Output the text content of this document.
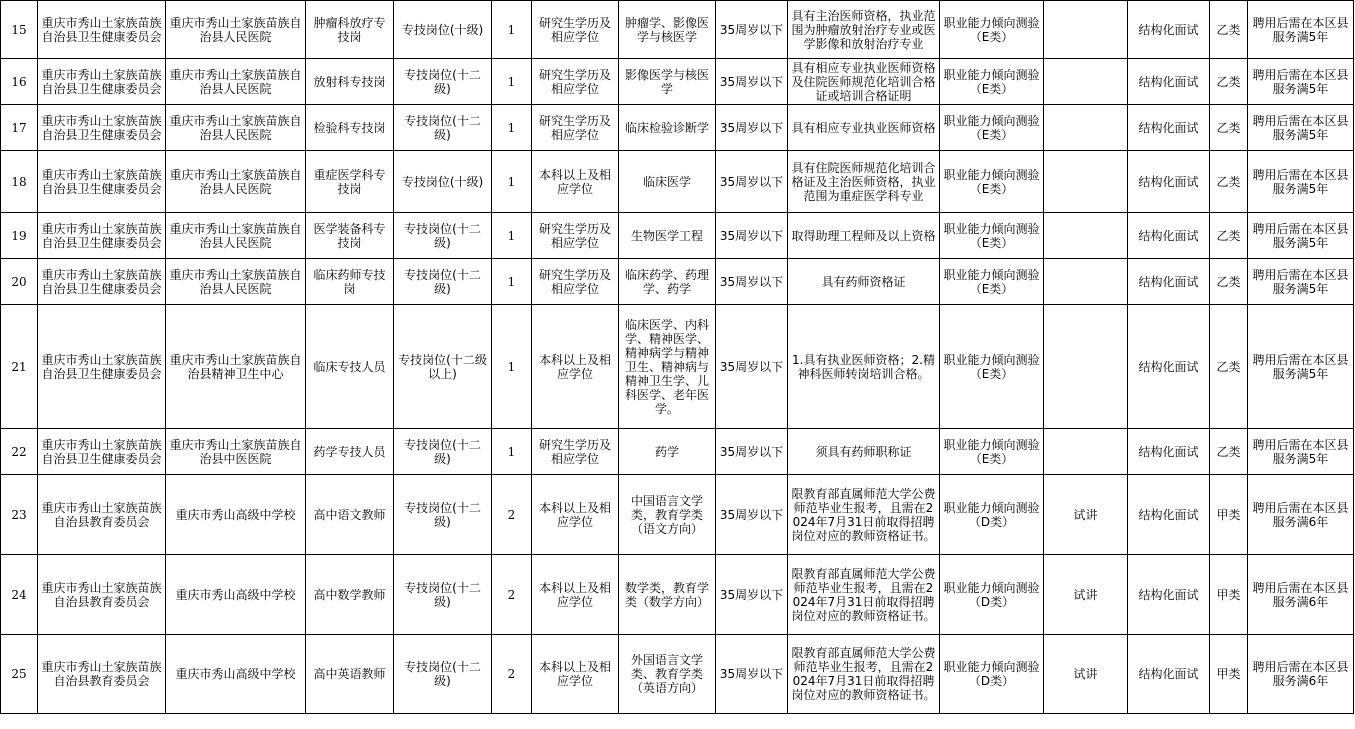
15	重庆市秀山土家族苗族自治县卫生健康委员会	重庆市秀山土家族苗族自治县人民医院	肿瘤科放疗专技岗	专技岗位(十级)	1	研究生学历及相应学位	肿瘤学、影像医学与核医学	35周岁以下	具有主治医师资格，执业范围为肿瘤放射治疗专业或医学影像和放射治疗专业	职业能力倾向测验（E类）		结构化面试	乙类	聘用后需在本区县服务满5年
16	重庆市秀山土家族苗族自治县卫生健康委员会	重庆市秀山土家族苗族自治县人民医院	放射科专技岗	专技岗位(十二级)	1	研究生学历及相应学位	影像医学与核医学	35周岁以下	具有相应专业执业医师资格及住院医师规范化培训合格证或培训合格证明	职业能力倾向测验（E类）		结构化面试	乙类	聘用后需在本区县服务满5年
17	重庆市秀山土家族苗族自治县卫生健康委员会	重庆市秀山土家族苗族自治县人民医院	检验科专技岗	专技岗位(十二级)	1	研究生学历及相应学位	临床检验诊断学	35周岁以下	具有相应专业执业医师资格	职业能力倾向测验（E类）		结构化面试	乙类	聘用后需在本区县服务满5年
18	重庆市秀山土家族苗族自治县卫生健康委员会	重庆市秀山土家族苗族自治县人民医院	重症医学科专技岗	专技岗位(十级)	1	本科以上及相应学位	临床医学	35周岁以下	具有住院医师规范化培训合格证及主治医师资格，执业范围为重症医学科专业	职业能力倾向测验（E类）		结构化面试	乙类	聘用后需在本区县服务满5年
19	重庆市秀山土家族苗族自治县卫生健康委员会	重庆市秀山土家族苗族自治县人民医院	医学装备科专技岗	专技岗位(十二级)	1	研究生学历及相应学位	生物医学工程	35周岁以下	取得助理工程师及以上资格	职业能力倾向测验（E类）		结构化面试	乙类	聘用后需在本区县服务满5年
20	重庆市秀山土家族苗族自治县卫生健康委员会	重庆市秀山土家族苗族自治县人民医院	临床药师专技岗	专技岗位(十二级)	1	研究生学历及相应学位	临床药学、药理学、药学	35周岁以下	具有药师资格证	职业能力倾向测验（E类）		结构化面试	乙类	聘用后需在本区县服务满5年
21	重庆市秀山土家族苗族自治县卫生健康委员会	重庆市秀山土家族苗族自治县精神卫生中心	临床专技人员	专技岗位(十二级以上)	1	本科以上及相应学位	临床医学、内科学、精神医学、精神病学与精神卫生、精神病与精神卫生学、儿科医学、老年医学。	35周岁以下	1.具有执业医师资格；2.精神科医师转岗培训合格。	职业能力倾向测验（E类）		结构化面试	乙类	聘用后需在本区县服务满5年
22	重庆市秀山土家族苗族自治县卫生健康委员会	重庆市秀山土家族苗族自治县中医医院	药学专技人员	专技岗位(十二级)	1	研究生学历及相应学位	药学	35周岁以下	须具有药师职称证	职业能力倾向测验（E类）		结构化面试	乙类	聘用后需在本区县服务满5年
23	重庆市秀山土家族苗族自治县教育委员会	重庆市秀山高级中学校	高中语文教师	专技岗位(十二级)	2	本科以上及相应学位	中国语言文学类，教育学类（语文方向）	35周岁以下	限教育部直属师范大学公费师范毕业生报考，且需在2024年7月31日前取得招聘岗位对应的教师资格证书。	职业能力倾向测验（D类）	试讲	结构化面试	甲类	聘用后需在本区县服务满6年
24	重庆市秀山土家族苗族自治县教育委员会	重庆市秀山高级中学校	高中数学教师	专技岗位(十二级)	2	本科以上及相应学位	数学类，教育学类（数学方向）	35周岁以下	限教育部直属师范大学公费师范毕业生报考，且需在2024年7月31日前取得招聘岗位对应的教师资格证书。	职业能力倾向测验（D类）	试讲	结构化面试	甲类	聘用后需在本区县服务满6年
25	重庆市秀山土家族苗族自治县教育委员会	重庆市秀山高级中学校	高中英语教师	专技岗位(十二级)	2	本科以上及相应学位	外国语言文学类、教育学类（英语方向）	35周岁以下	限教育部直属师范大学公费师范毕业生报考，且需在2024年7月31日前取得招聘岗位对应的教师资格证书。	职业能力倾向测验（D类）	试讲	结构化面试	甲类	聘用后需在本区县服务满6年
